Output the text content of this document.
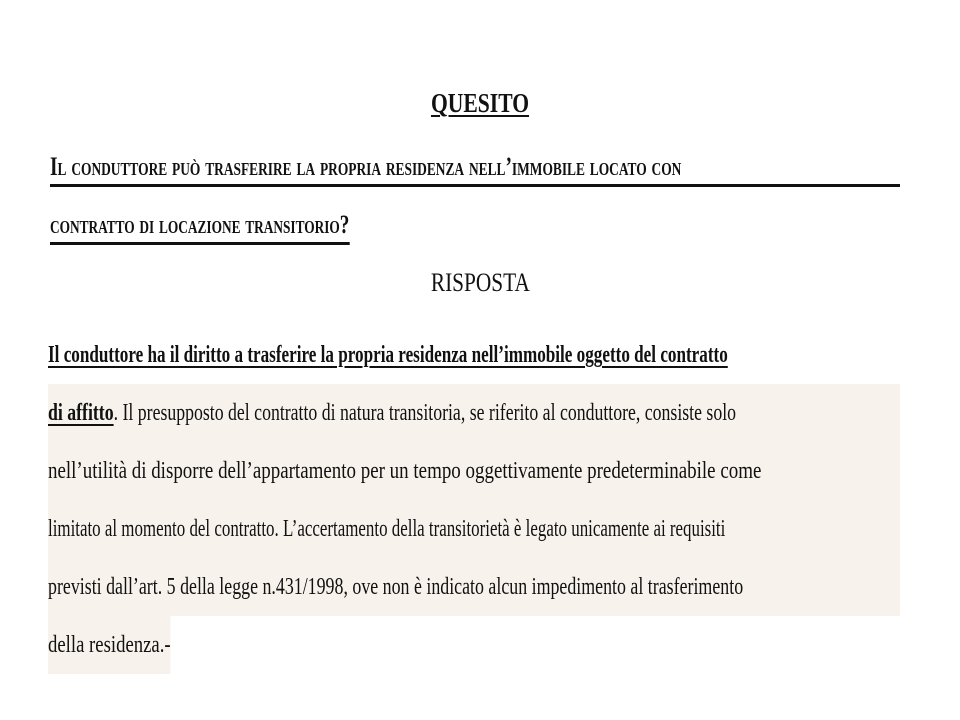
QUESITO
Il conduttore può trasferire la propria residenza nell’immobile locato con
contratto di locazione transitorio?
RISPOSTA
Il conduttore ha il diritto a trasferire la propria residenza nell’immobile oggetto del contratto
di affitto. Il presupposto del contratto di natura transitoria, se riferito al conduttore, consiste solo
nell’utilità di disporre dell’appartamento per un tempo oggettivamente predeterminabile come
limitato al momento del contratto. L’accertamento della transitorietà è legato unicamente ai requisiti
previsti dall’art. 5 della legge n.431/1998, ove non è indicato alcun impedimento al trasferimento
della residenza.-
